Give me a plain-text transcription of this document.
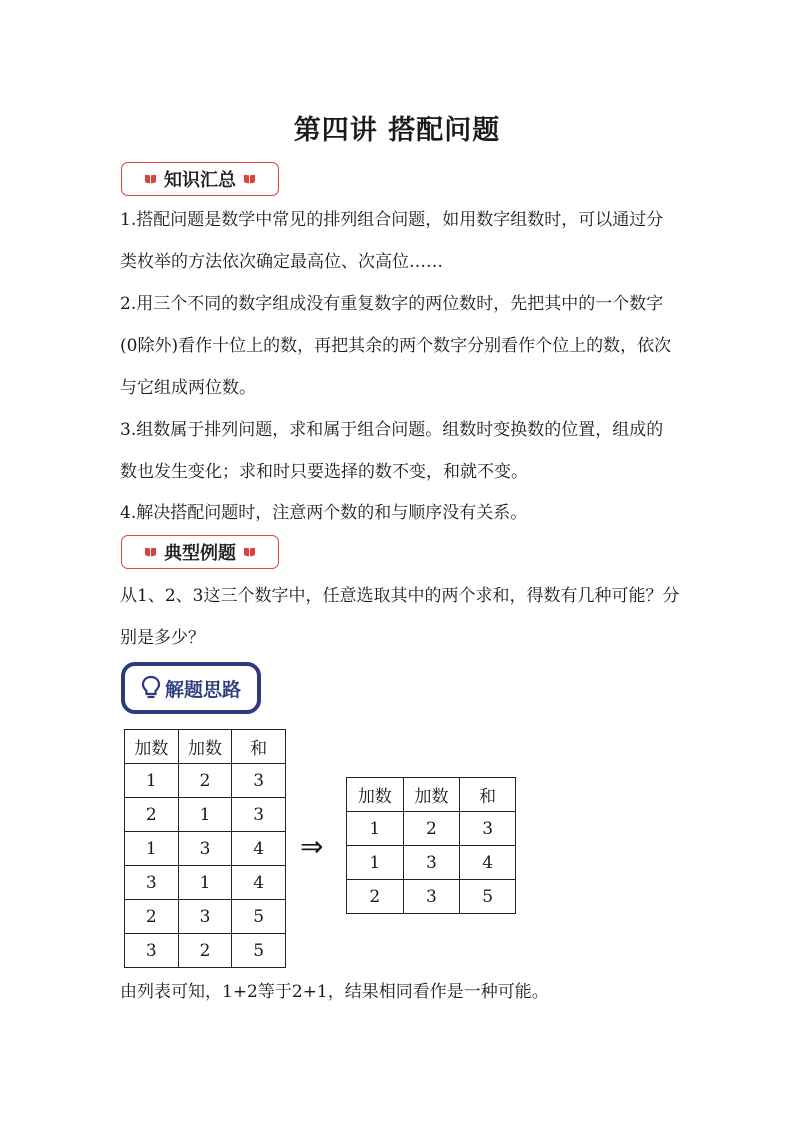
第四讲 搭配问题
知识汇总

1.搭配问题是数学中常见的排列组合问题，如用数字组数时，可以通过分类枚举的方法依次确定最高位、次高位……

2.用三个不同的数字组成没有重复数字的两位数时，先把其中的一个数字(0除外)看作十位上的数，再把其余的两个数字分别看作个位上的数，依次与它组成两位数。

3.组数属于排列问题，求和属于组合问题。组数时变换数的位置，组成的数也发生变化；求和时只要选择的数不变，和就不变。

4.解决搭配问题时，注意两个数的和与顺序没有关系。

典型例题

从1、2、3这三个数字中，任意选取其中的两个求和，得数有几种可能？分别是多少？

解题思路
加数	加数	和
1	2	3
2	1	3
1	3	4
3	1	4
2	3	5
3	2	5
⇒
加数	加数	和
1	2	3
1	3	4
2	3	5

由列表可知，1+2等于2+1，结果相同看作是一种可能。
